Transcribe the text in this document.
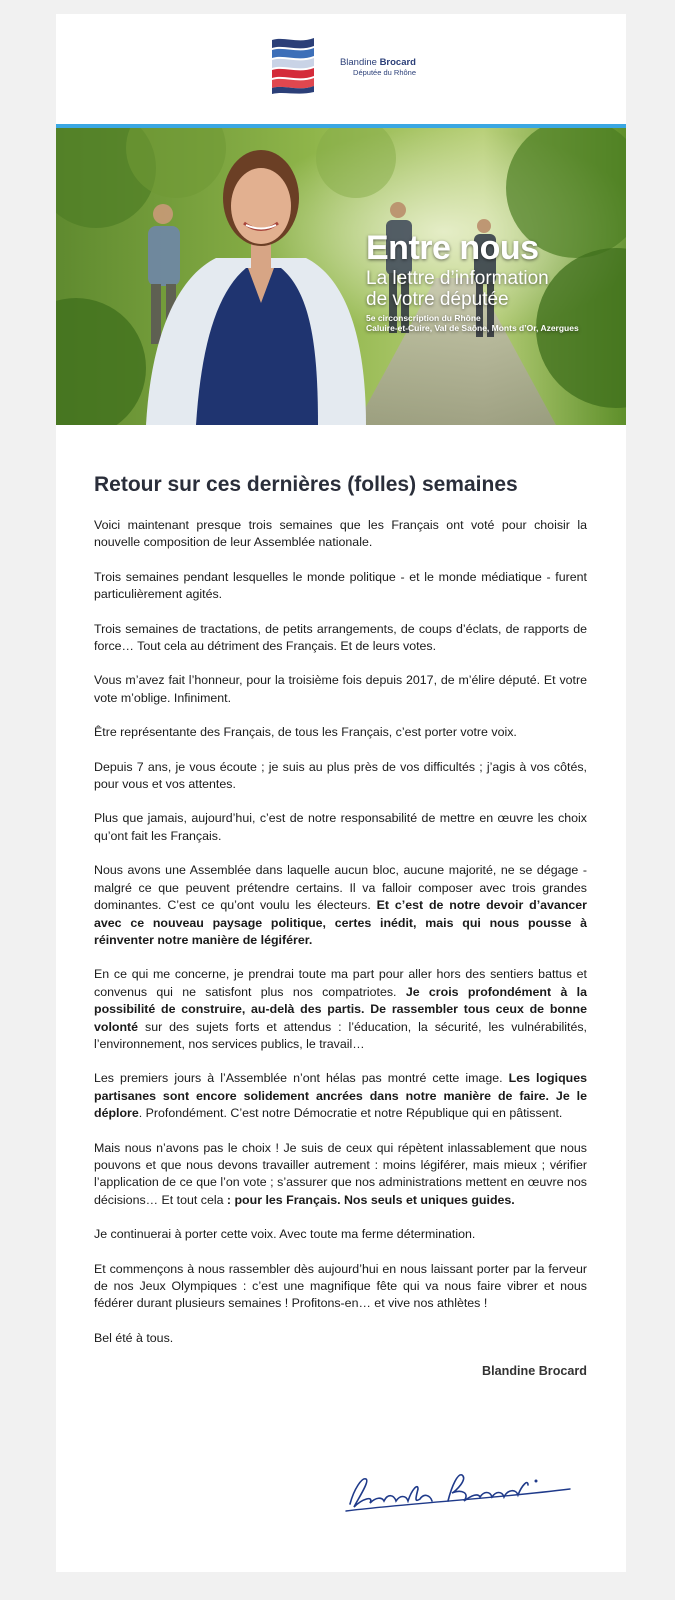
Blandine Brocard
Députée du Rhône
Entre nous
La lettre d’information
de votre députée
5e circonscription du Rhône
Caluire-et-Cuire, Val de Saône, Monts d’Or, Azergues
Retour sur ces dernières (folles) semaines

Voici maintenant presque trois semaines que les Français ont voté pour choisir la nouvelle composition de leur Assemblée nationale.

Trois semaines pendant lesquelles le monde politique - et le monde médiatique - furent particulièrement agités.

Trois semaines de tractations, de petits arrangements, de coups d’éclats, de rapports de force… Tout cela au détriment des Français. Et de leurs votes.

Vous m’avez fait l’honneur, pour la troisième fois depuis 2017, de m’élire député. Et votre vote m’oblige. Infiniment.

Être représentante des Français, de tous les Français, c’est porter votre voix.

Depuis 7 ans, je vous écoute ; je suis au plus près de vos difficultés ; j’agis à vos côtés, pour vous et vos attentes.

Plus que jamais, aujourd’hui, c’est de notre responsabilité de mettre en œuvre les choix qu’ont fait les Français.

Nous avons une Assemblée dans laquelle aucun bloc, aucune majorité, ne se dégage - malgré ce que peuvent prétendre certains. Il va falloir composer avec trois grandes dominantes. C’est ce qu’ont voulu les électeurs. Et c’est de notre devoir d’avancer avec ce nouveau paysage politique, certes inédit, mais qui nous pousse à réinventer notre manière de légiférer.

En ce qui me concerne, je prendrai toute ma part pour aller hors des sentiers battus et convenus qui ne satisfont plus nos compatriotes. Je crois profondément à la possibilité de construire, au-delà des partis. De rassembler tous ceux de bonne volonté sur des sujets forts et attendus : l’éducation, la sécurité, les vulnérabilités, l’environnement, nos services publics, le travail…

Les premiers jours à l’Assemblée n’ont hélas pas montré cette image. Les logiques partisanes sont encore solidement ancrées dans notre manière de faire. Je le déplore. Profondément. C’est notre Démocratie et notre République qui en pâtissent.

Mais nous n’avons pas le choix ! Je suis de ceux qui répètent inlassablement que nous pouvons et que nous devons travailler autrement : moins légiférer, mais mieux ; vérifier l’application de ce que l’on vote ; s’assurer que nos administrations mettent en œuvre nos décisions… Et tout cela : pour les Français. Nos seuls et uniques guides.

Je continuerai à porter cette voix. Avec toute ma ferme détermination.

Et commençons à nous rassembler dès aujourd’hui en nous laissant porter par la ferveur de nos Jeux Olympiques : c’est une magnifique fête qui va nous faire vibrer et nous fédérer durant plusieurs semaines ! Profitons-en… et vive nos athlètes !

Bel été à tous.

Blandine Brocard
